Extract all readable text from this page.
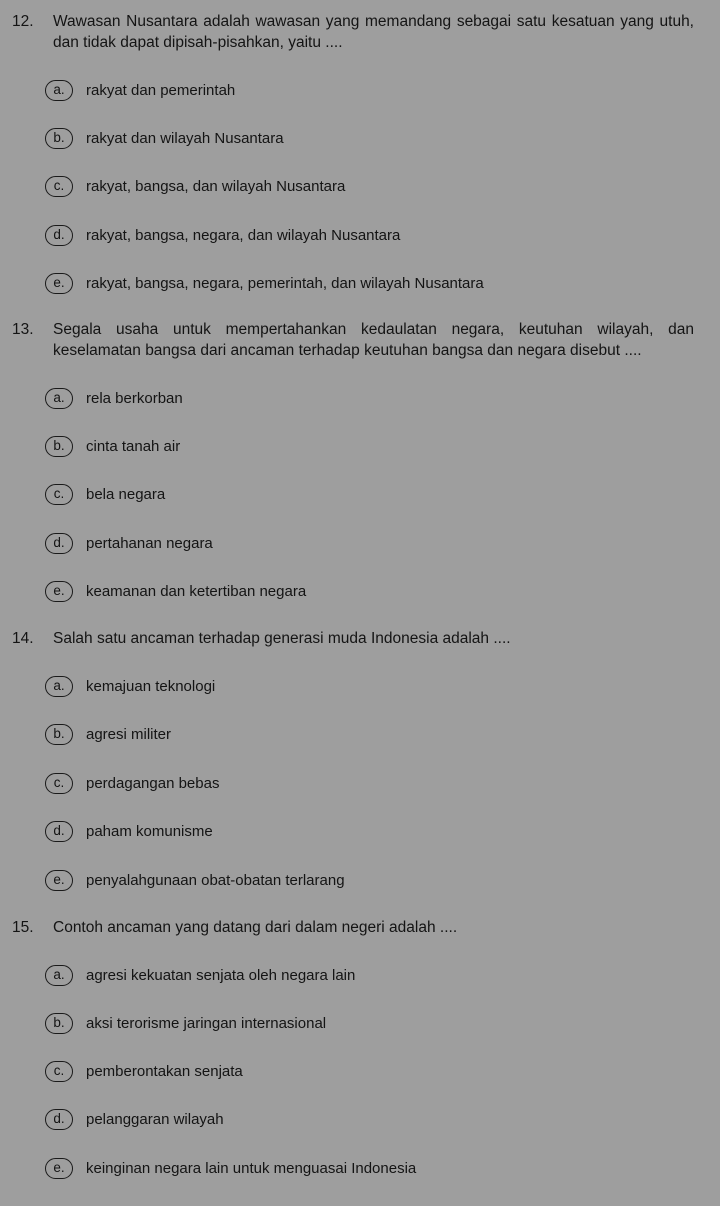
12. Wawasan Nusantara adalah wawasan yang memandang sebagai satu kesatuan yang utuh, dan tidak dapat dipisah-pisahkan, yaitu ....
a.	rakyat dan pemerintah
b.	rakyat dan wilayah Nusantara
c.	rakyat, bangsa, dan wilayah Nusantara
d.	rakyat, bangsa, negara, dan wilayah Nusantara
e.	rakyat, bangsa, negara, pemerintah, dan wilayah Nusantara
13. Segala usaha untuk mempertahankan kedaulatan negara, keutuhan wilayah, dan keselamatan bangsa dari ancaman terhadap keutuhan bangsa dan negara disebut ....
a.	rela berkorban
b.	cinta tanah air
c.	bela negara
d.	pertahanan negara
e.	keamanan dan ketertiban negara
14. Salah satu ancaman terhadap generasi muda Indonesia adalah ....
a.	kemajuan teknologi
b.	agresi militer
c.	perdagangan bebas
d.	paham komunisme
e.	penyalahgunaan obat-obatan terlarang
15. Contoh ancaman yang datang dari dalam negeri adalah ....
a.	agresi kekuatan senjata oleh negara lain
b.	aksi terorisme jaringan internasional
c.	pemberontakan senjata
d.	pelanggaran wilayah
e.	keinginan negara lain untuk menguasai Indonesia
